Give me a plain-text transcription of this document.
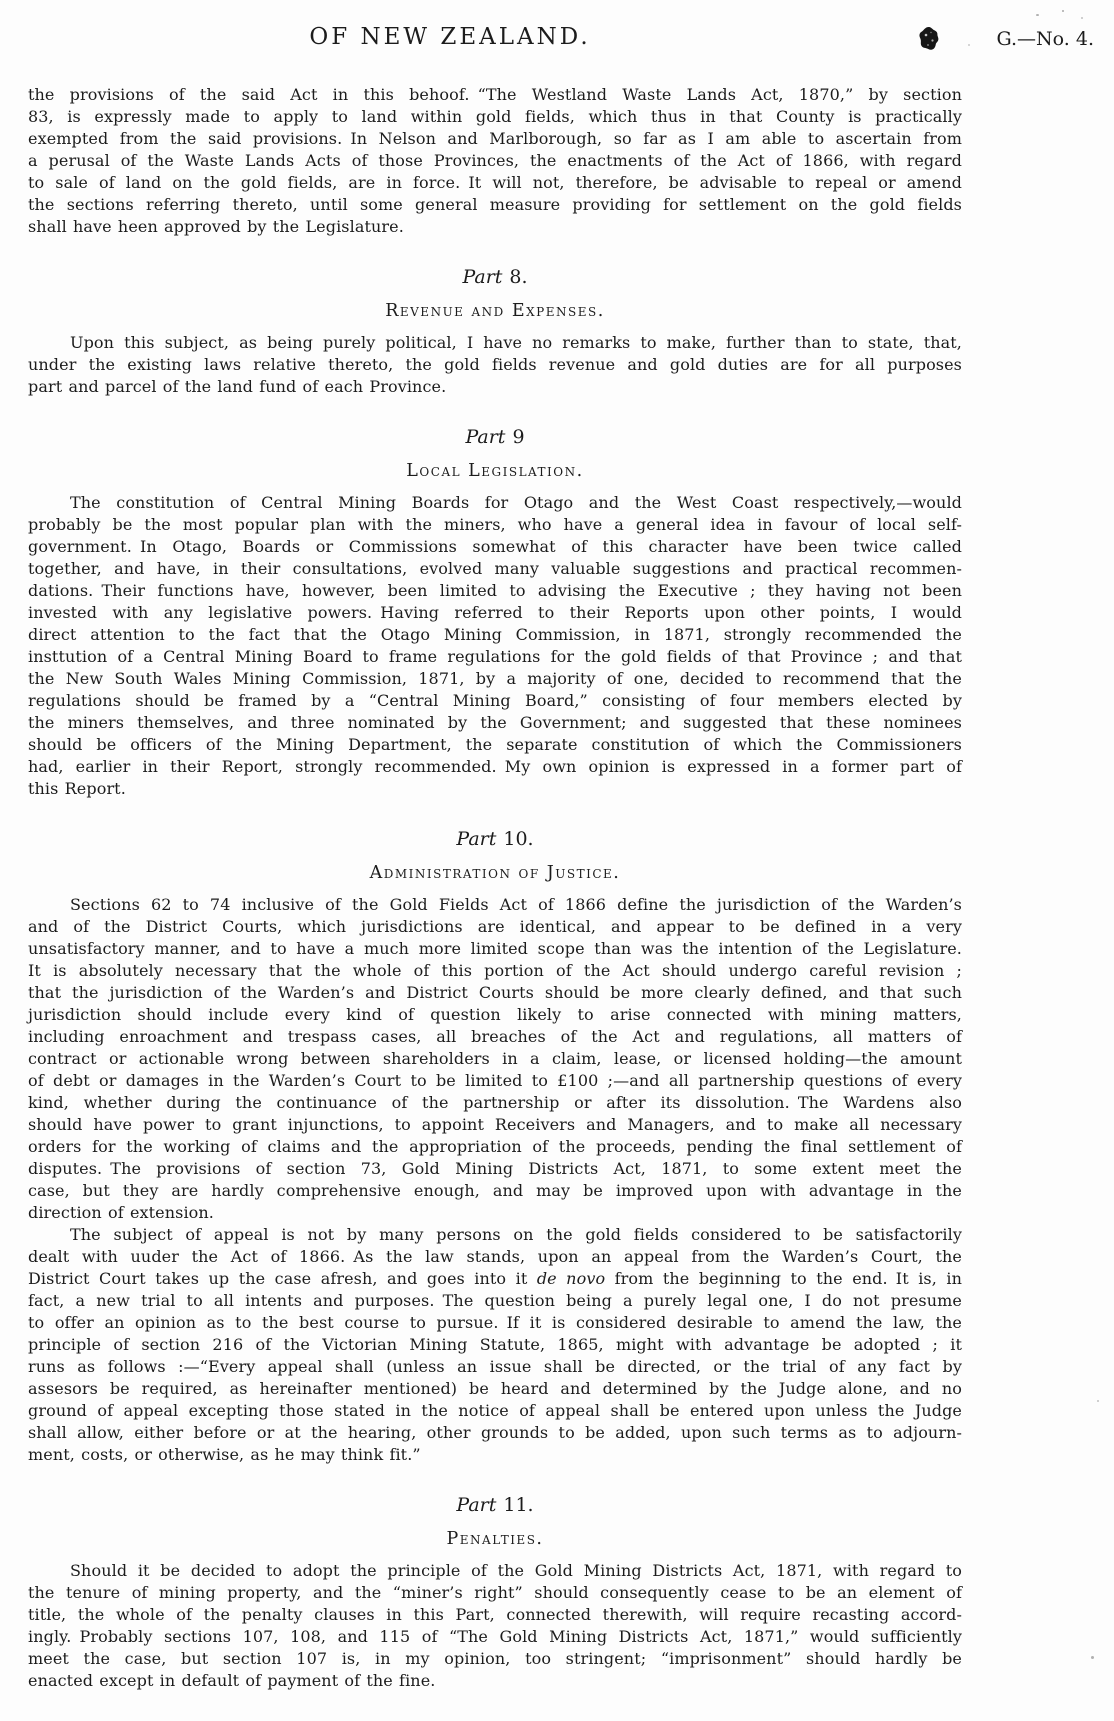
OF NEW ZEALAND.	G.—No. 4.

the provisions of the said Act in this behoof. “The Westland Waste Lands Act, 1870,” by section
83, is expressly made to apply to land within gold fields, which thus in that County is practically
exempted from the said provisions. In Nelson and Marlborough, so far as I am able to ascertain from
a perusal of the Waste Lands Acts of those Provinces, the enactments of the Act of 1866, with regard
to sale of land on the gold fields, are in force. It will not, therefore, be advisable to repeal or amend
the sections referring thereto, until some general measure providing for settlement on the gold fields
shall have heen approved by the Legislature.

Part 8.
Revenue and Expenses.

Upon this subject, as being purely political, I have no remarks to make, further than to state, that,
under the existing laws relative thereto, the gold fields revenue and gold duties are for all purposes
part and parcel of the land fund of each Province.

Part 9
Local Legislation.

The constitution of Central Mining Boards for Otago and the West Coast respectively,—would
probably be the most popular plan with the miners, who have a general idea in favour of local self-
government. In Otago, Boards or Commissions somewhat of this character have been twice called
together, and have, in their consultations, evolved many valuable suggestions and practical recommen-
dations. Their functions have, however, been limited to advising the Executive ; they having not been
invested with any legislative powers. Having referred to their Reports upon other points, I would
direct attention to the fact that the Otago Mining Commission, in 1871, strongly recommended the
insttution of a Central Mining Board to frame regulations for the gold fields of that Province ; and that
the New South Wales Mining Commission, 1871, by a majority of one, decided to recommend that the
regulations should be framed by a “Central Mining Board,” consisting of four members elected by
the miners themselves, and three nominated by the Government; and suggested that these nominees
should be officers of the Mining Department, the separate constitution of which the Commissioners
had, earlier in their Report, strongly recommended. My own opinion is expressed in a former part of
this Report.

Part 10.
Administration of Justice.

Sections 62 to 74 inclusive of the Gold Fields Act of 1866 define the jurisdiction of the Warden’s
and of the District Courts, which jurisdictions are identical, and appear to be defined in a very
unsatisfactory manner, and to have a much more limited scope than was the intention of the Legislature.
It is absolutely necessary that the whole of this portion of the Act should undergo careful revision ;
that the jurisdiction of the Warden’s and District Courts should be more clearly defined, and that such
jurisdiction should include every kind of question likely to arise connected with mining matters,
including enroachment and trespass cases, all breaches of the Act and regulations, all matters of
contract or actionable wrong between shareholders in a claim, lease, or licensed holding—the amount
of debt or damages in the Warden’s Court to be limited to £100 ;—and all partnership questions of every
kind, whether during the continuance of the partnership or after its dissolution. The Wardens also
should have power to grant injunctions, to appoint Receivers and Managers, and to make all necessary
orders for the working of claims and the appropriation of the proceeds, pending the final settlement of
disputes. The provisions of section 73, Gold Mining Districts Act, 1871, to some extent meet the
case, but they are hardly comprehensive enough, and may be improved upon with advantage in the
direction of extension.

The subject of appeal is not by many persons on the gold fields considered to be satisfactorily
dealt with uuder the Act of 1866. As the law stands, upon an appeal from the Warden’s Court, the
District Court takes up the case afresh, and goes into it de novo from the beginning to the end. It is, in
fact, a new trial to all intents and purposes. The question being a purely legal one, I do not presume
to offer an opinion as to the best course to pursue. If it is considered desirable to amend the law, the
principle of section 216 of the Victorian Mining Statute, 1865, might with advantage be adopted ; it
runs as follows :—“Every appeal shall (unless an issue shall be directed, or the trial of any fact by
assesors be required, as hereinafter mentioned) be heard and determined by the Judge alone, and no
ground of appeal excepting those stated in the notice of appeal shall be entered upon unless the Judge
shall allow, either before or at the hearing, other grounds to be added, upon such terms as to adjourn-
ment, costs, or otherwise, as he may think fit.”

Part 11.
Penalties.

Should it be decided to adopt the principle of the Gold Mining Districts Act, 1871, with regard to
the tenure of mining property, and the “miner’s right” should consequently cease to be an element of
title, the whole of the penalty clauses in this Part, connected therewith, will require recasting accord-
ingly. Probably sections 107, 108, and 115 of “The Gold Mining Districts Act, 1871,” would sufficiently
meet the case, but section 107 is, in my opinion, too stringent; “imprisonment” should hardly be
enacted except in default of payment of the fine.
